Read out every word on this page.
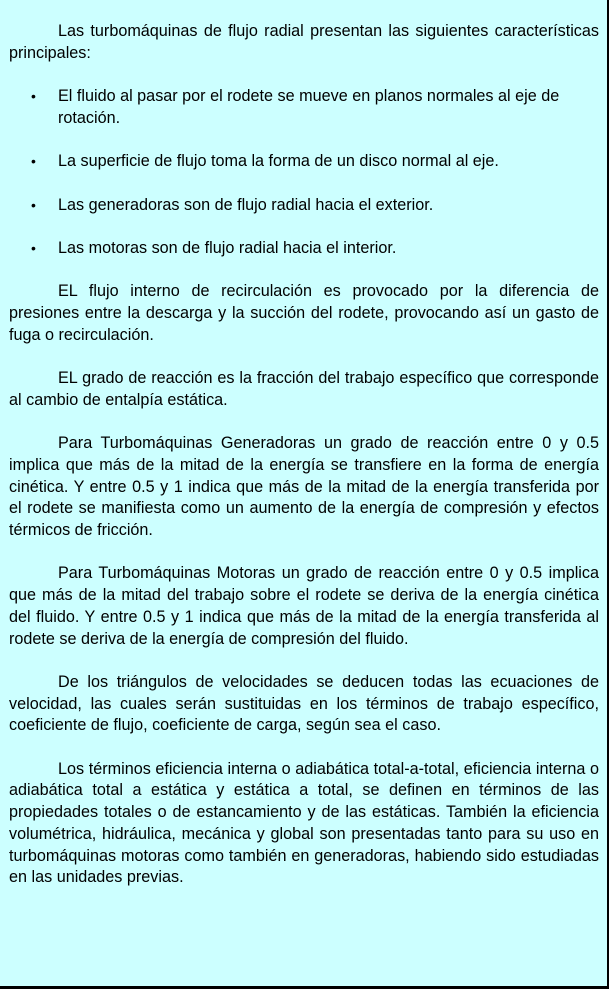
Las turbomáquinas de flujo radial presentan las siguientes características principales:

• El fluido al pasar por el rodete se mueve en planos normales al eje de rotación.
• La superficie de flujo toma la forma de un disco normal al eje.
• Las generadoras son de flujo radial hacia el exterior.
• Las motoras son de flujo radial hacia el interior.

EL flujo interno de recirculación es provocado por la diferencia de presiones entre la descarga y la succión del rodete, provocando así un gasto de fuga o recirculación.

EL grado de reacción es la fracción del trabajo específico que corresponde al cambio de entalpía estática.

Para Turbomáquinas Generadoras un grado de reacción entre 0 y 0.5 implica que más de la mitad de la energía se transfiere en la forma de energía cinética. Y entre 0.5 y 1 indica que más de la mitad de la energía transferida por el rodete se manifiesta como un aumento de la energía de compresión y efectos térmicos de fricción.

Para Turbomáquinas Motoras un grado de reacción entre 0 y 0.5 implica que más de la mitad del trabajo sobre el rodete se deriva de la energía cinética del fluido. Y entre 0.5 y 1 indica que más de la mitad de la energía transferida al rodete se deriva de la energía de compresión del fluido.

De los triángulos de velocidades se deducen todas las ecuaciones de velocidad, las cuales serán sustituidas en los términos de trabajo específico, coeficiente de flujo, coeficiente de carga, según sea el caso.

Los términos eficiencia interna o adiabática total-a-total, eficiencia interna o adiabática total a estática y estática a total, se definen en términos de las propiedades totales o de estancamiento y de las estáticas. También la eficiencia volumétrica, hidráulica, mecánica y global son presentadas tanto para su uso en turbomáquinas motoras como también en generadoras, habiendo sido estudiadas en las unidades previas.
